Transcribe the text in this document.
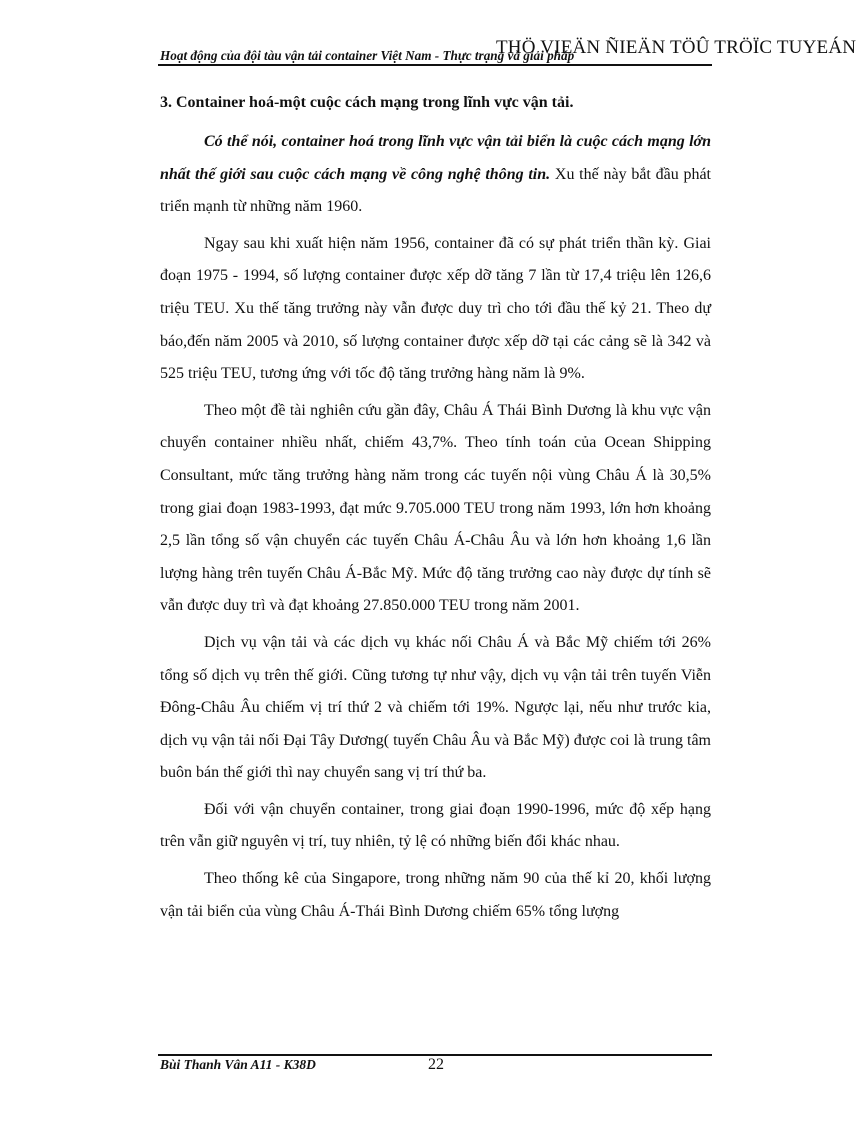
THÖ VIEÄN ÑIEÄN TÖÛ TRÖÏC TUYEÁN
Hoạt động của đội tàu vận tải container Việt Nam - Thực trạng và giải pháp
3. Container hoá-một cuộc cách mạng trong lĩnh vực vận tải.

Có thể nói, container hoá trong lĩnh vực vận tải biển là cuộc cách mạng lớn nhất thế giới sau cuộc cách mạng về công nghệ thông tin. Xu thế này bắt đầu phát triển mạnh từ những năm 1960.

Ngay sau khi xuất hiện năm 1956, container đã có sự phát triển thần kỳ. Giai đoạn 1975 - 1994, số lượng container được xếp dỡ tăng 7 lần từ 17,4 triệu lên 126,6 triệu TEU. Xu thế tăng trưởng này vẫn được duy trì cho tới đầu thế kỷ 21. Theo dự báo,đến năm 2005 và 2010, số lượng container được xếp dỡ tại các cảng sẽ là 342 và 525 triệu TEU, tương ứng với tốc độ tăng trưởng hàng năm là 9%.

Theo một đề tài nghiên cứu gần đây, Châu Á Thái Bình Dương là khu vực vận chuyển container nhiều nhất, chiếm 43,7%. Theo tính toán của Ocean Shipping Consultant, mức tăng trưởng hàng năm trong các tuyến nội vùng Châu Á là 30,5% trong giai đoạn 1983-1993, đạt mức 9.705.000 TEU trong năm 1993, lớn hơn khoảng 2,5 lần tổng số vận chuyển các tuyến Châu Á-Châu Âu và lớn hơn khoảng 1,6 lần lượng hàng trên tuyến Châu Á-Bắc Mỹ. Mức độ tăng trưởng cao này được dự tính sẽ vẫn được duy trì và đạt khoảng 27.850.000 TEU trong năm 2001.

Dịch vụ vận tải và các dịch vụ khác nối Châu Á và Bắc Mỹ chiếm tới 26% tổng số dịch vụ trên thế giới. Cũng tương tự như vậy, dịch vụ vận tải trên tuyến Viễn Đông-Châu Âu chiếm vị trí thứ 2 và chiếm tới 19%. Ngược lại, nếu như trước kia, dịch vụ vận tải nối Đại Tây Dương( tuyến Châu Âu và Bắc Mỹ) được coi là trung tâm buôn bán thế giới thì nay chuyển sang vị trí thứ ba.

Đối với vận chuyển container, trong giai đoạn 1990-1996, mức độ xếp hạng trên vẫn giữ nguyên vị trí, tuy nhiên, tỷ lệ có những biến đổi khác nhau.

Theo thống kê của Singapore, trong những năm 90 của thế kỉ 20, khối lượng vận tải biển của vùng Châu Á-Thái Bình Dương chiếm 65% tổng lượng

Bùi Thanh Vân A11 - K38D	22
